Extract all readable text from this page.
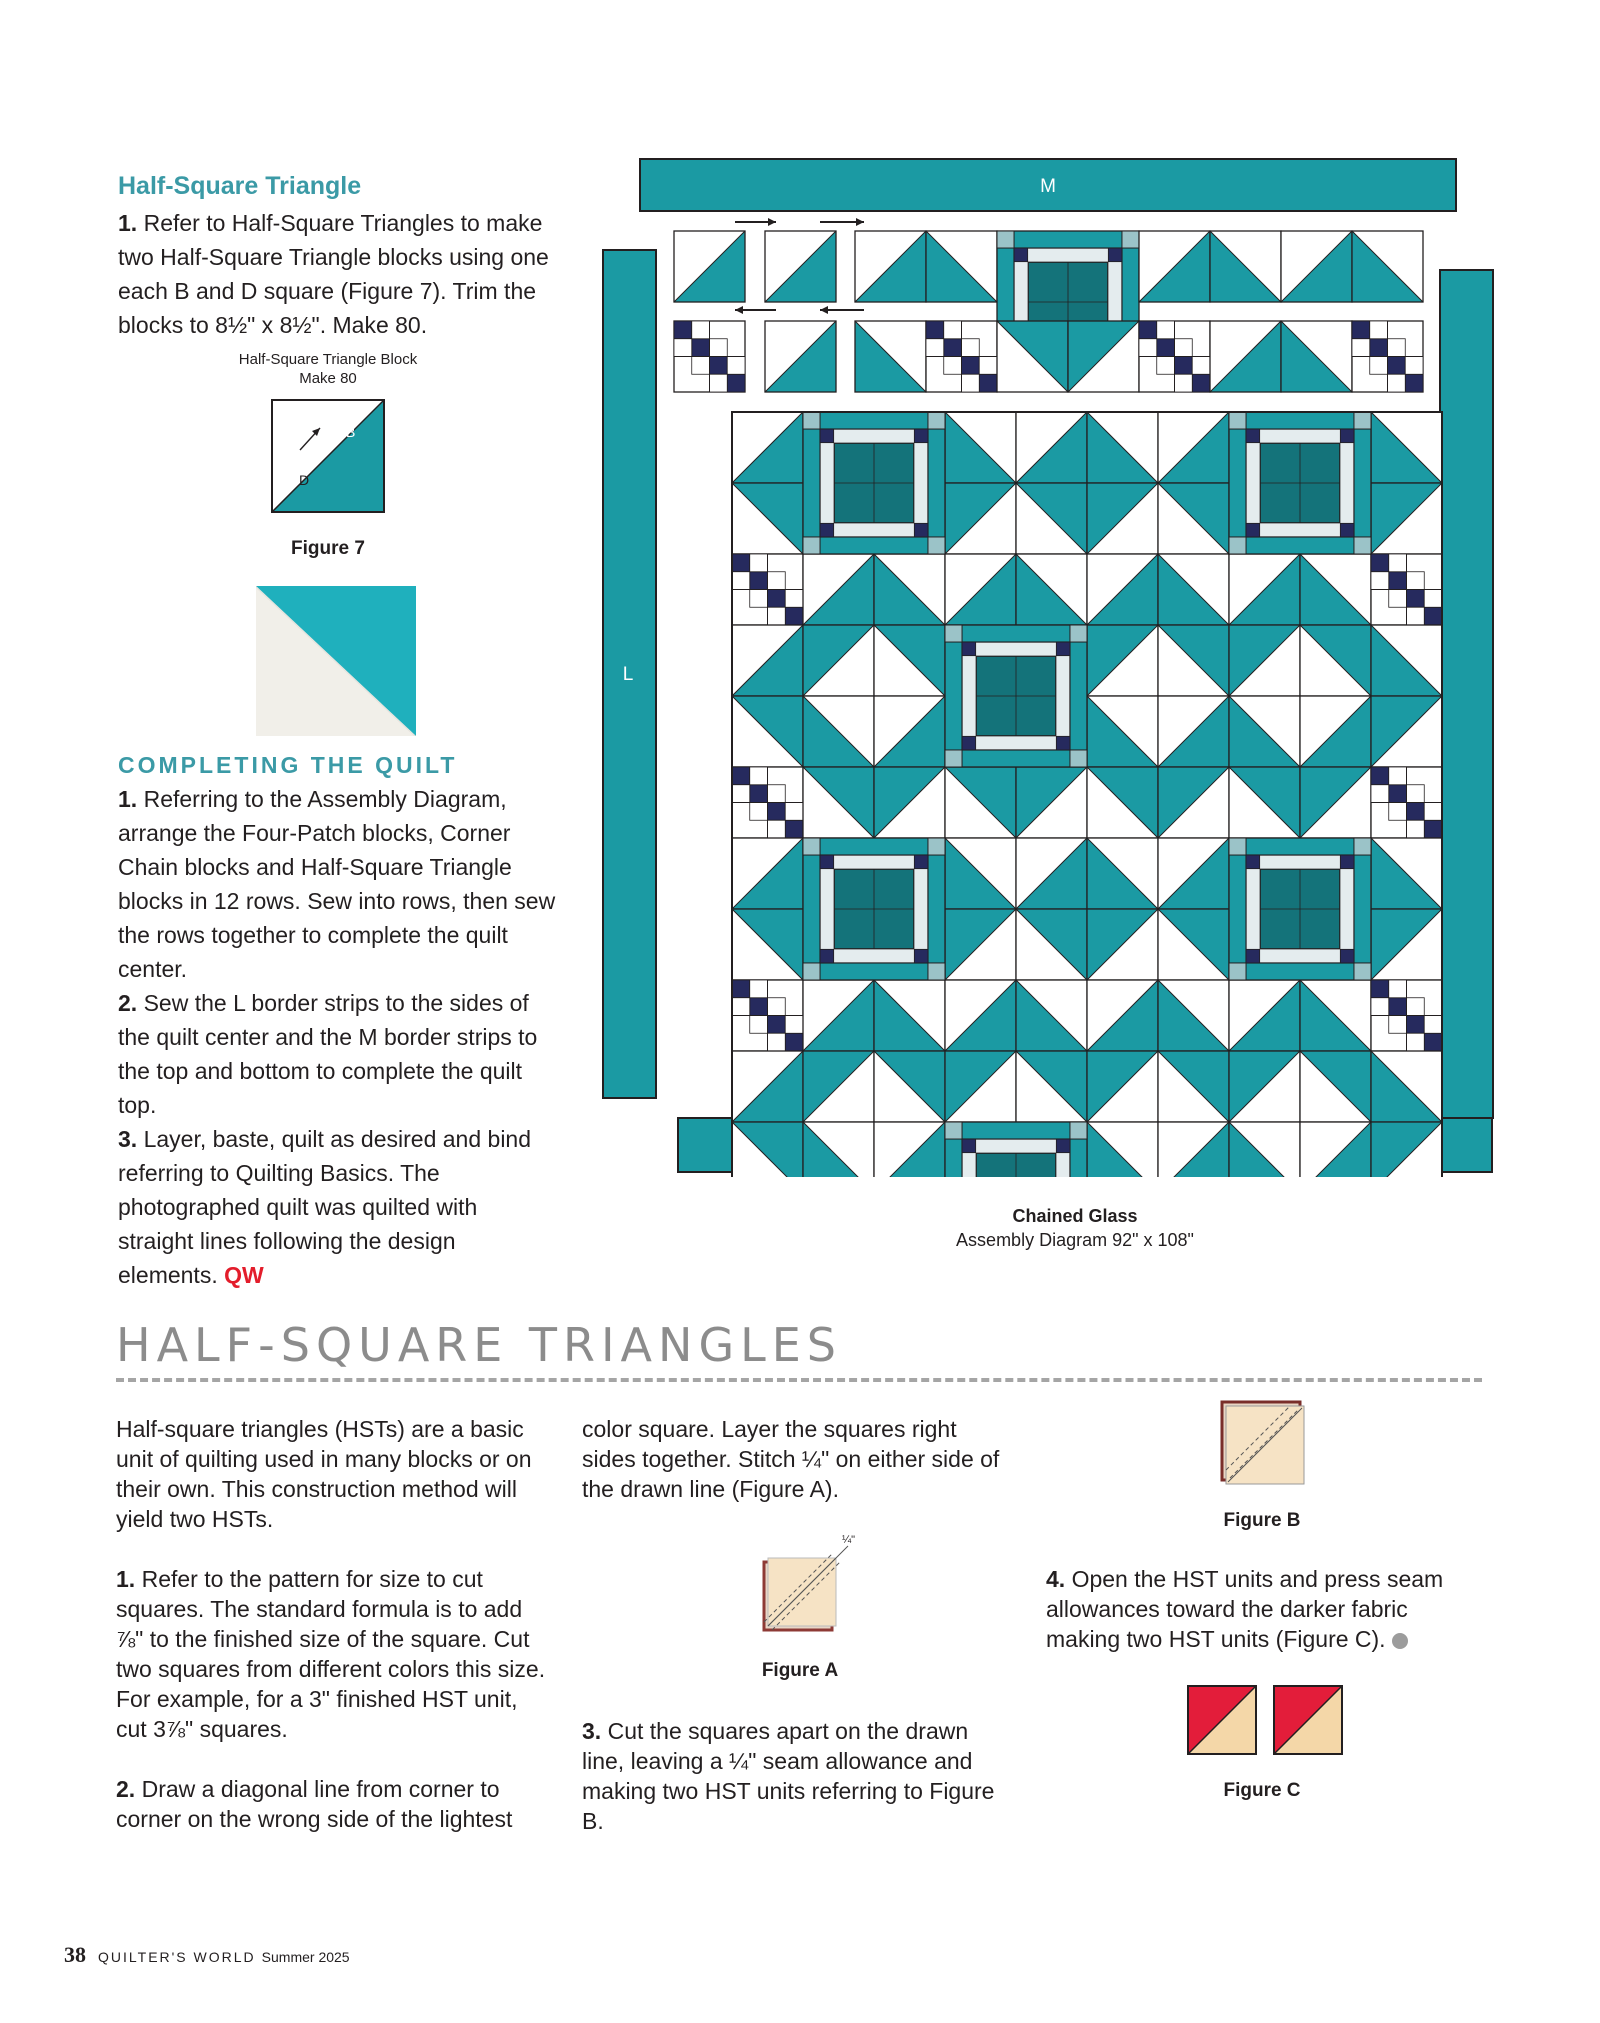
Half-Square Triangle
1. Refer to Half-Square Triangles to make two Half-Square Triangle blocks using one each B and D square (Figure 7). Trim the blocks to 8½" x 8½". Make 80.
Half-Square Triangle Block
Make 80
B
D
Figure 7
COMPLETING THE QUILT
1. Referring to the Assembly Diagram, arrange the Four-Patch blocks, Corner Chain blocks and Half-Square Triangle blocks in 12 rows. Sew into rows, then sew the rows together to complete the quilt center.
2. Sew the L border strips to the sides of the quilt center and the M border strips to the top and bottom to complete the quilt top.
3. Layer, baste, quilt as desired and bind referring to Quilting Basics. The photographed quilt was quilted with straight lines following the design elements. QW
M
L
Chained Glass
Assembly Diagram 92" x 108"
HALF-SQUARE TRIANGLES

Half-square triangles (HSTs) are a basic unit of quilting used in many blocks or on their own. This construction method will yield two HSTs.

1. Refer to the pattern for size to cut squares. The standard formula is to add ⅞" to the finished size of the square. Cut two squares from different colors this size. For example, for a 3" finished HST unit, cut 3⅞" squares.

2. Draw a diagonal line from corner to corner on the wrong side of the lightest

color square. Layer the squares right sides together. Stitch ¼" on either side of the drawn line (Figure A).

¼"
Figure A

3. Cut the squares apart on the drawn line, leaving a ¼" seam allowance and making two HST units referring to Figure B.

Figure B

4. Open the HST units and press seam allowances toward the darker fabric making two HST units (Figure C).

Figure C
38 QUILTER'S WORLD Summer 2025
